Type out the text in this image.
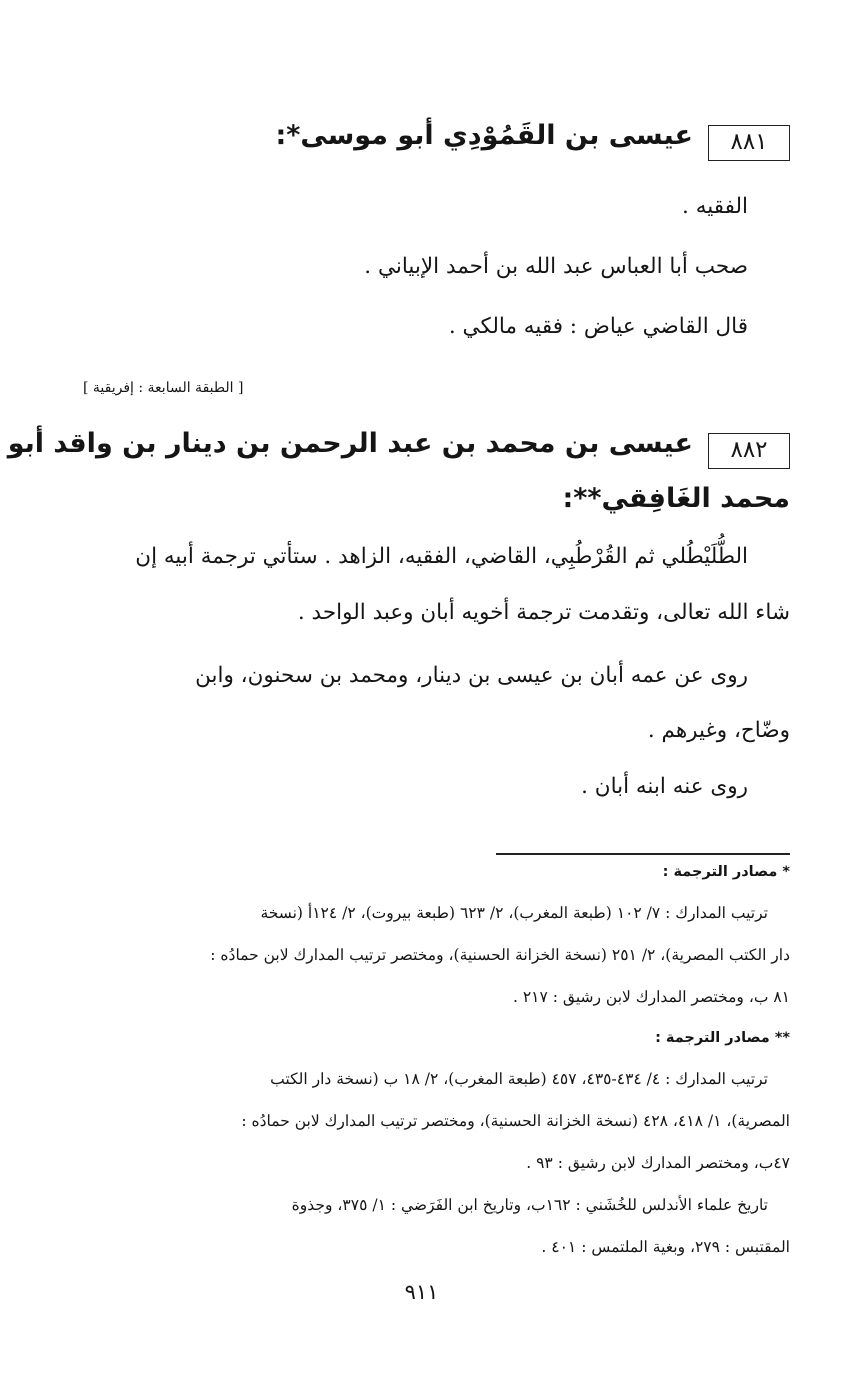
٨٨١
عيسى بن القَمُوْدِي أبو موسى*:
الفقيه .
صحب أبا العباس عبد الله بن أحمد الإبياني .
قال القاضي عياض : فقيه مالكي .
[ الطبقة السابعة : إفريقية ]
٨٨٢
عيسى بن محمد بن عبد الرحمن بن دينار بن واقد أبو
محمد الغَافِقي**:
الطُّلَيْطُلي ثم القُرْطُبِي، القاضي، الفقيه، الزاهد . ستأتي ترجمة أبيه إن
شاء الله تعالى، وتقدمت ترجمة أخويه أبان وعبد الواحد .
روى عن عمه أبان بن عيسى بن دينار، ومحمد بن سحنون، وابن
وضّاح، وغيرهم .
روى عنه ابنه أبان .
* مصادر الترجمة :
ترتيب المدارك : ٧/ ١٠٢ (طبعة المغرب)، ٢/ ٦٢٣ (طبعة بيروت)، ٢/ ١٢٤أ (نسخة
دار الكتب المصرية)، ٢/ ٢٥١ (نسخة الخزانة الحسنية)، ومختصر ترتيب المدارك لابن حمادُه :
٨١ ب، ومختصر المدارك لابن رشيق : ٢١٧ .
** مصادر الترجمة :
ترتيب المدارك : ٤/ ٤٣٤-٤٣٥، ٤٥٧ (طبعة المغرب)، ٢/ ١٨ ب (نسخة دار الكتب
المصرية)، ١/ ٤١٨، ٤٢٨ (نسخة الخزانة الحسنية)، ومختصر ترتيب المدارك لابن حمادُه :
٤٧ب، ومختصر المدارك لابن رشيق : ٩٣ .
تاريخ علماء الأندلس للخُشَني : ١٦٢ب، وتاريخ ابن الفَرَضي : ١/ ٣٧٥، وجذوة
المقتبس : ٢٧٩، وبغية الملتمس : ٤٠١ .
٩١١
